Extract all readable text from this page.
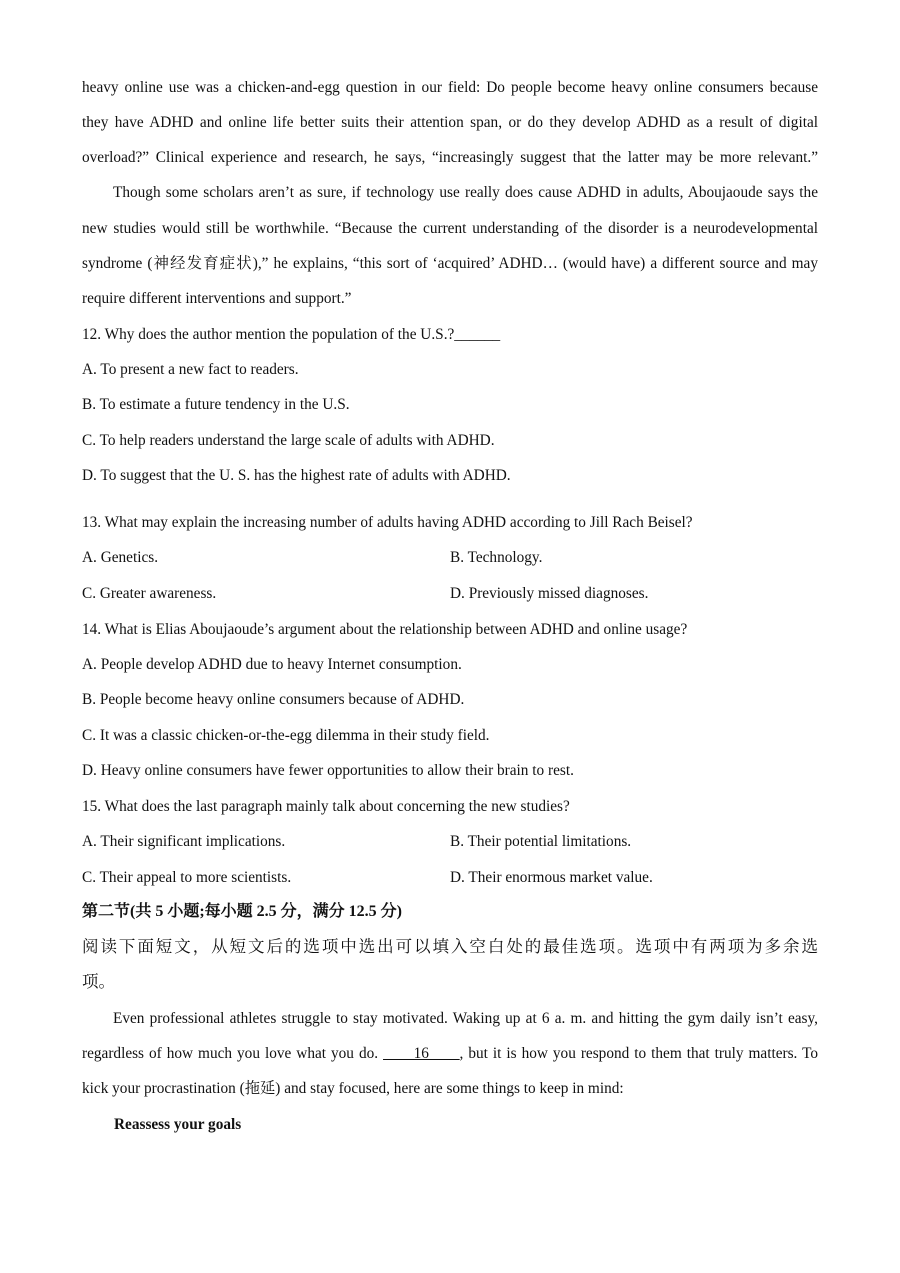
heavy online use was a chicken-and-egg question in our field: Do people become heavy online consumers because
they have ADHD and online life better suits their attention span, or do they develop ADHD as a result of digital
overload?” Clinical experience and research, he says, “increasingly suggest that the latter may be more relevant.”
Though some scholars aren’t as sure, if technology use really does cause ADHD in adults, Aboujaoude says the
new studies would still be worthwhile. “Because the current understanding of the disorder is a neurodevelopmental
syndrome (神经发育症状),” he explains, “this sort of ‘acquired’ ADHD… (would have) a different source and may
require different interventions and support.”
12. Why does the author mention the population of the U.S.?______
A. To present a new fact to readers.
B. To estimate a future tendency in the U.S.
C. To help readers understand the large scale of adults with ADHD.
D. To suggest that the U. S. has the highest rate of adults with ADHD.
13. What may explain the increasing number of adults having ADHD according to Jill Rach Beisel?
A. Genetics.	B. Technology.
C. Greater awareness.	D. Previously missed diagnoses.
14. What is Elias Aboujaoude’s argument about the relationship between ADHD and online usage?
A. People develop ADHD due to heavy Internet consumption.
B. People become heavy online consumers because of ADHD.
C. It was a classic chicken-or-the-egg dilemma in their study field.
D. Heavy online consumers have fewer opportunities to allow their brain to rest.
15. What does the last paragraph mainly talk about concerning the new studies?
A. Their significant implications.	B. Their potential limitations.
C. Their appeal to more scientists.	D. Their enormous market value.
第二节(共 5 小题;每小题 2.5 分，满分 12.5 分)
阅读下面短文，从短文后的选项中选出可以填入空白处的最佳选项。选项中有两项为多余选
项。
Even professional athletes struggle to stay motivated. Waking up at 6 a. m. and hitting the gym daily isn’t easy,
regardless of how much you love what you do. ____16____, but it is how you respond to them that truly matters. To
kick your procrastination (拖延) and stay focused, here are some things to keep in mind:
Reassess your goals
